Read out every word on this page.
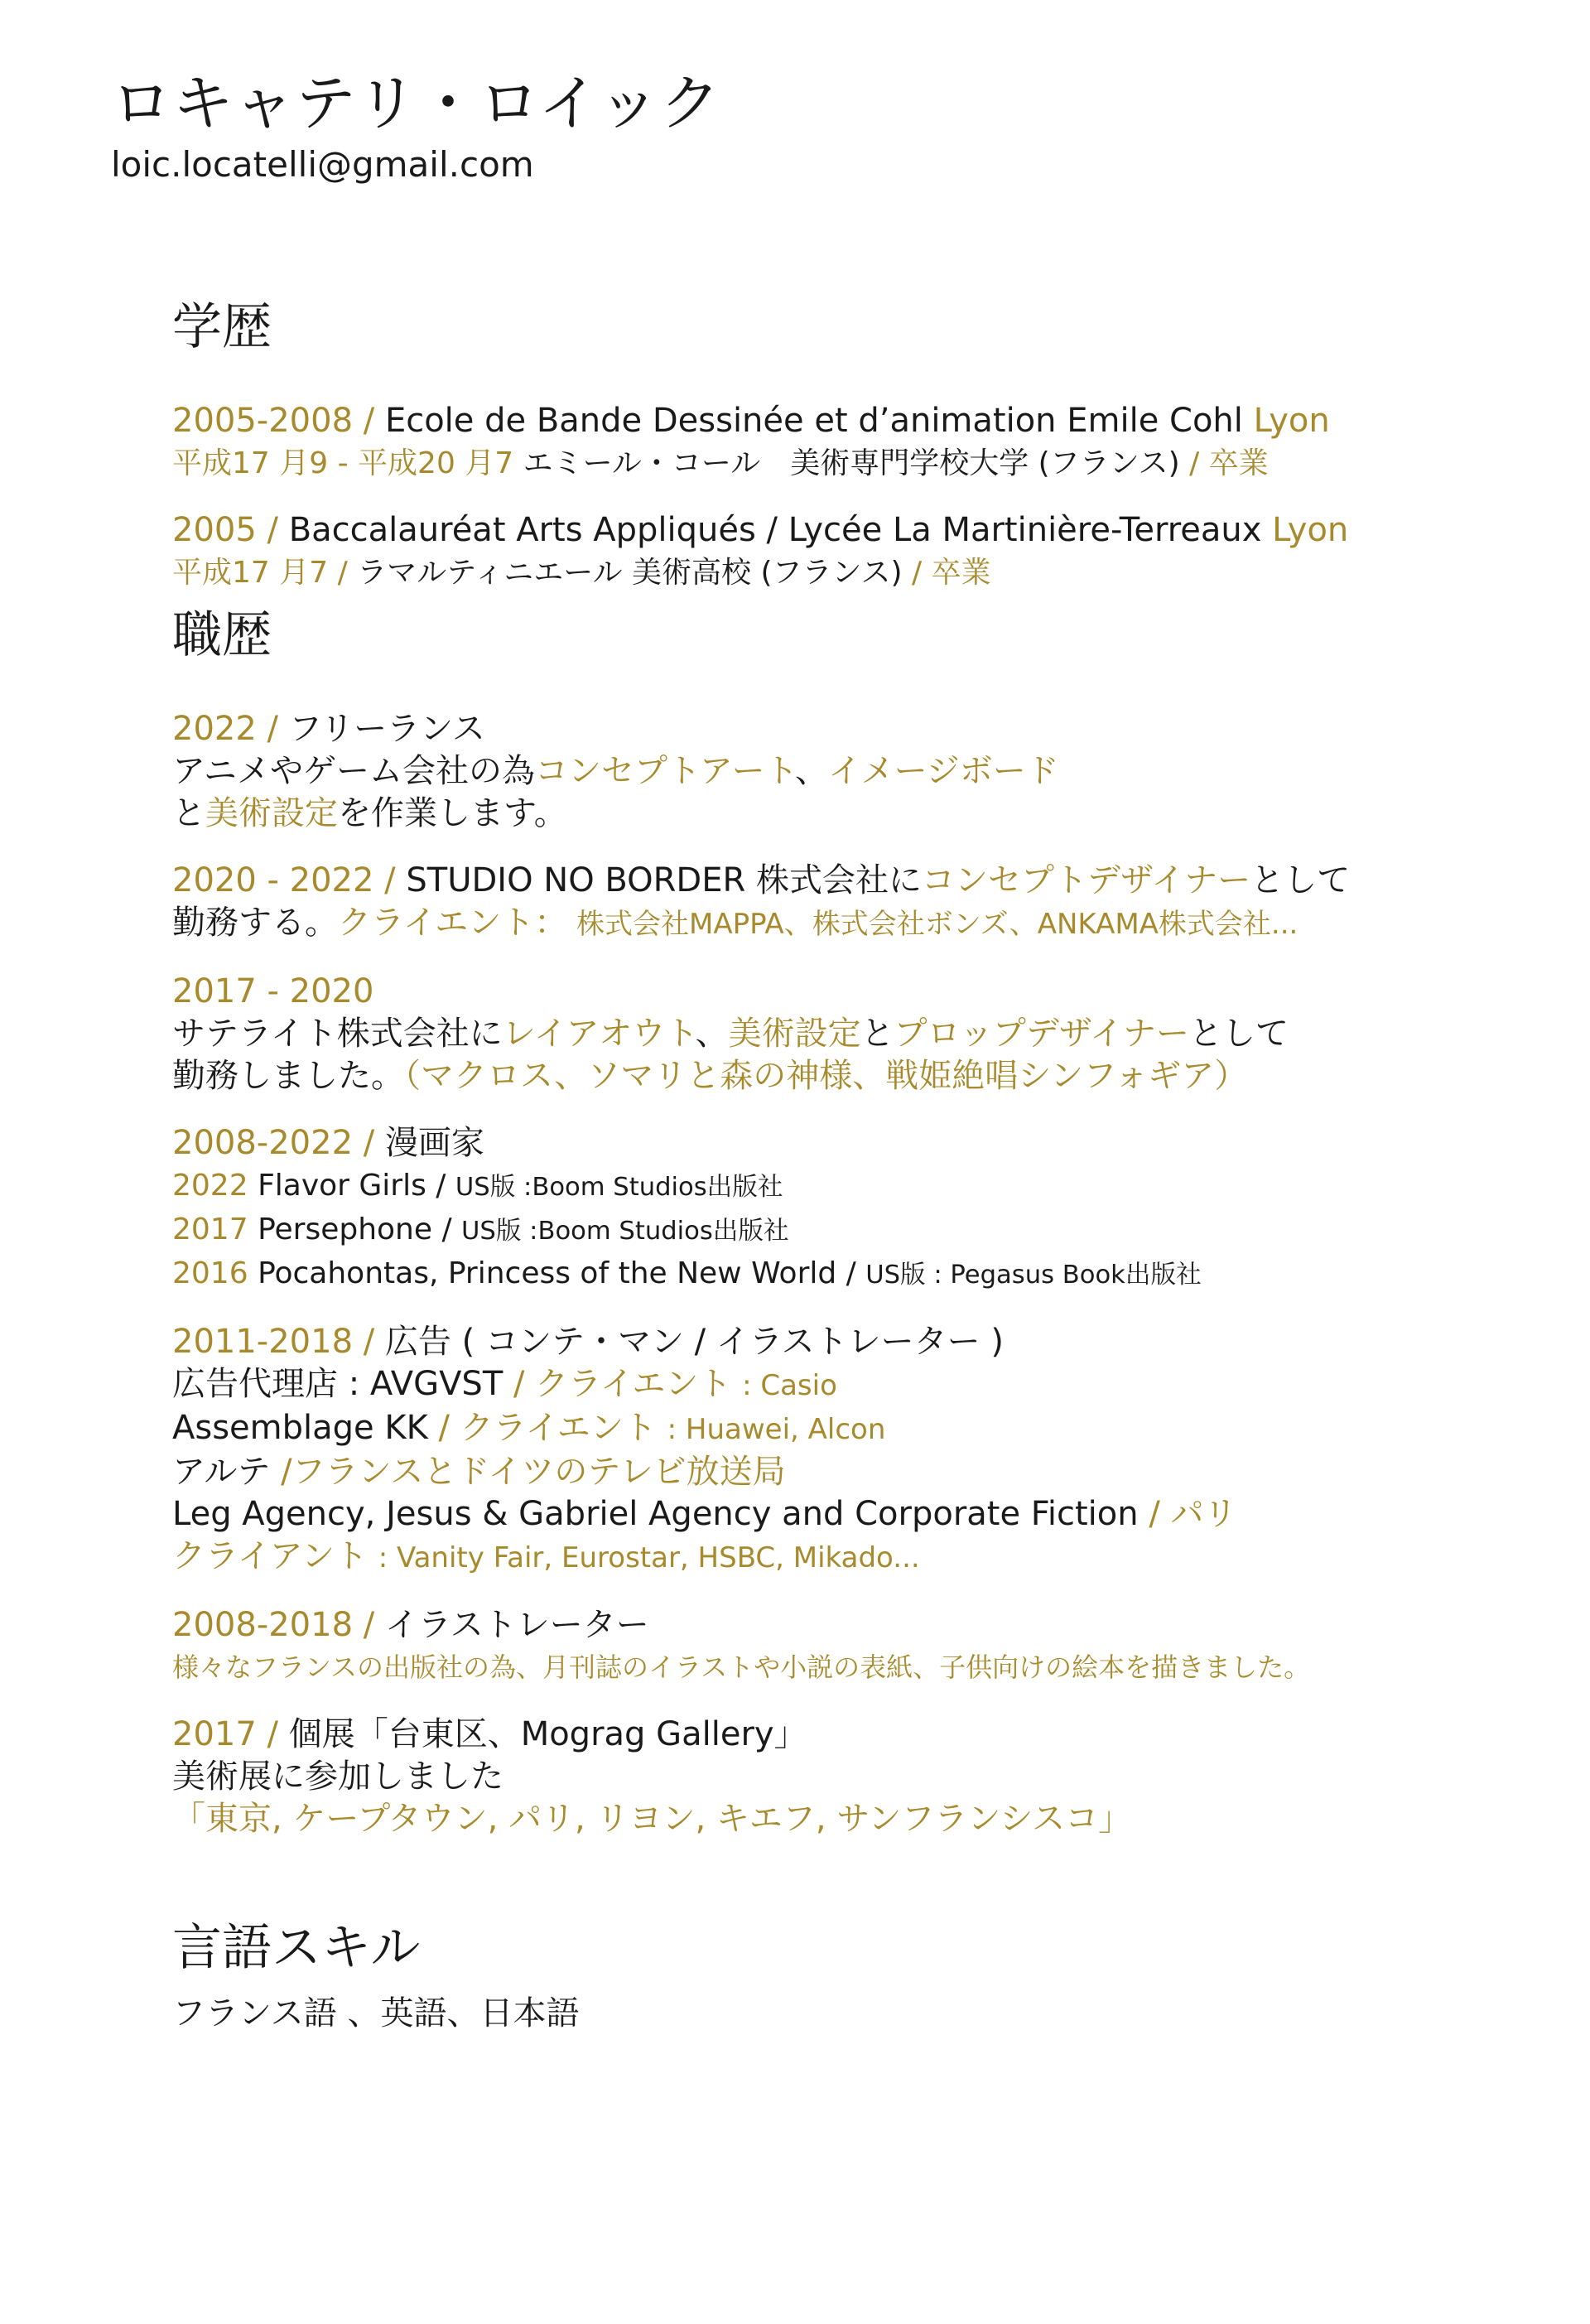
ロキャテリ・ロイック
loic.locatelli@gmail.com
学歴
2005-2008 / Ecole de Bande Dessinée et d’animation Emile Cohl Lyon
平成17 月9 - 平成20 月7 エミール・コール　美術専門学校大学 (フランス) / 卒業
2005 / Baccalauréat Arts Appliqués / Lycée La Martinière-Terreaux Lyon
平成17 月7 / ラマルティニエール 美術高校 (フランス) / 卒業
職歴
2022 / フリーランス
アニメやゲーム会社の為コンセプトアート、イメージボード
と美術設定を作業します。
2020 - 2022 / STUDIO NO BORDER 株式会社にコンセプトデザイナーとして
勤務する。クライエント： 株式会社MAPPA、株式会社ボンズ、ANKAMA株式会社...
2017 - 2020
サテライト株式会社にレイアオウト、美術設定とプロップデザイナーとして
勤務しました。（マクロス、ソマリと森の神様、戦姫絶唱シンフォギア）
2008-2022 / 漫画家
2022 Flavor Girls / US版 :Boom Studios出版社
2017 Persephone / US版 :Boom Studios出版社
2016 Pocahontas, Princess of the New World / US版 : Pegasus Book出版社
2011-2018 / 広告 ( コンテ・マン / イラストレーター )
広告代理店 : AVGVST / クライエント : Casio
Assemblage KK / クライエント : Huawei, Alcon
アルテ /フランスとドイツのテレビ放送局
Leg Agency, Jesus & Gabriel Agency and Corporate Fiction / パリ
クライアント : Vanity Fair, Eurostar, HSBC, Mikado...
2008-2018 / イラストレーター
様々なフランスの出版社の為、月刊誌のイラストや小説の表紙、子供向けの絵本を描きました。
2017 / 個展「台東区、Mograg Gallery」
美術展に参加しました
「東京, ケープタウン, パリ, リヨン, キエフ, サンフランシスコ」
言語スキル
フランス語 、英語、日本語
